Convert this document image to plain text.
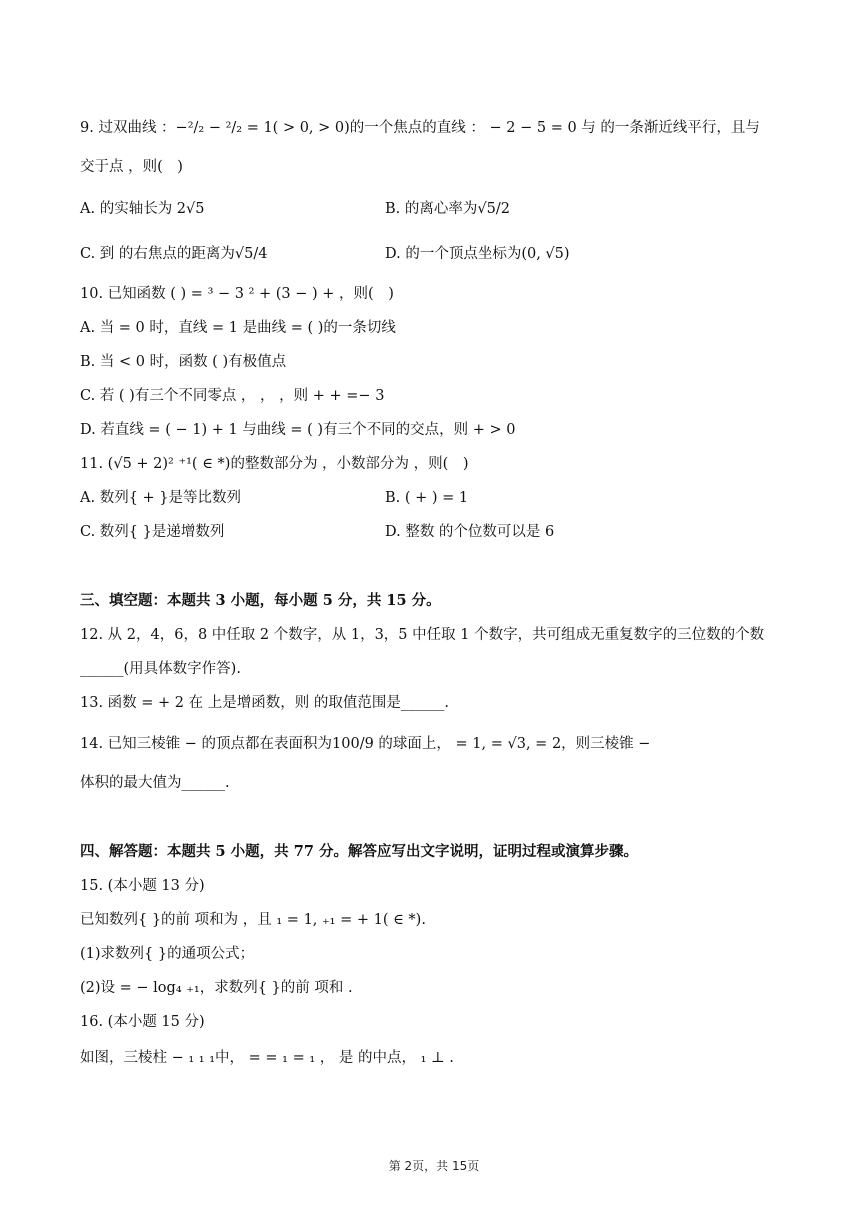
9. 过双曲线 ：−²/₂ − ²/₂ = 1( > 0, > 0)的一个焦点的直线 ： − 2 − 5 = 0 与 的一条渐近线平行，且与
交于点 ，则(　)
A. 的实轴长为 2√5	B. 的离心率为√5/2
C. 到 的右焦点的距离为√5/4	D. 的一个顶点坐标为(0, √5)
10. 已知函数 ( ) = ³ − 3 ² + (3 − ) + ，则(　)
A. 当 = 0 时，直线 = 1 是曲线 = ( )的一条切线
B. 当 < 0 时，函数 ( )有极值点
C. 若 ( )有三个不同零点 ， ， ，则 + + =− 3
D. 若直线 = ( − 1) + 1 与曲线 = ( )有三个不同的交点，则 + > 0
11. (√5 + 2)² ⁺¹( ∈ *)的整数部分为 ，小数部分为 ，则(　)
A. 数列{ + }是等比数列	B. ( + ) = 1
C. 数列{ }是递增数列	D. 整数 的个位数可以是 6
三、填空题：本题共 3 小题，每小题 5 分，共 15 分。
12. 从 2，4，6，8 中任取 2 个数字，从 1，3，5 中任取 1 个数字，共可组成无重复数字的三位数的个数
______(用具体数字作答).
13. 函数 = + 2 在 上是增函数，则 的取值范围是______.
14. 已知三棱锥 − 的顶点都在表面积为100/9 的球面上， = 1, = √3, = 2，则三棱锥 −
体积的最大值为______.
四、解答题：本题共 5 小题，共 77 分。解答应写出文字说明，证明过程或演算步骤。
15. (本小题 13 分)
已知数列{ }的前 项和为 ，且 ₁ = 1, ₊₁ = + 1( ∈ *).
(1)求数列{ }的通项公式；
(2)设 = − log₄ ₊₁，求数列{ }的前 项和 .
16. (本小题 15 分)
如图，三棱柱 − ₁ ₁ ₁中， = = ₁ = ₁ ， 是 的中点， ₁ ⊥ .
第 2页，共 15页
